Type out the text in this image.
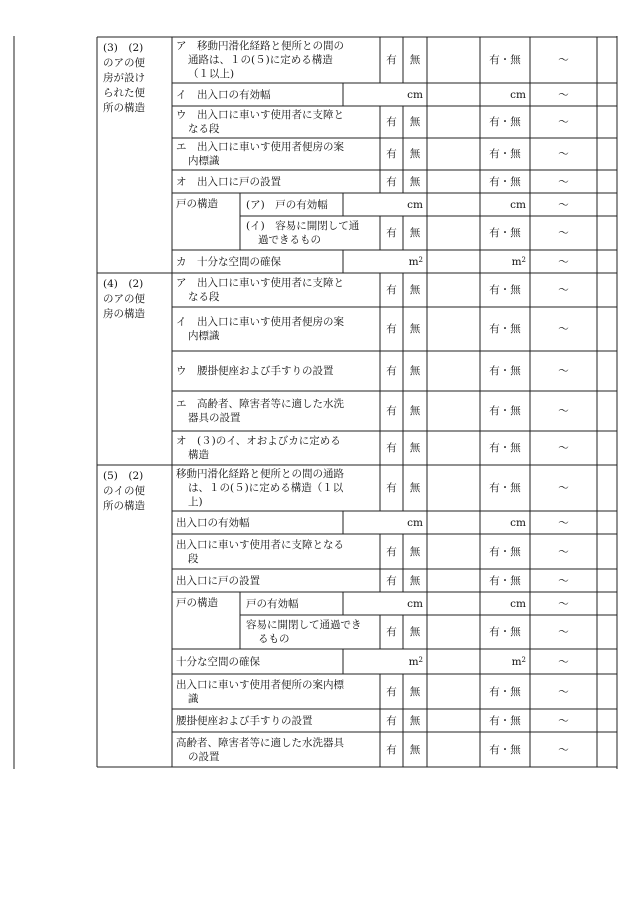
(3)　(2)
のアの便
房が設け
られた便
所の構造
ア　移動円滑化経路と便所との間の
通路は、１の(５)に定める構造
（１以上)
有	無	有・無	～
イ　出入口の有効幅	cm	cm	～
ウ　出入口に車いす使用者に支障と
なる段
有	無	有・無	～
エ　出入口に車いす使用者便房の案
内標識
有	無	有・無	～
オ　出入口に戸の設置	有	無	有・無	～
戸の構造	(ア)　戸の有効幅	cm	cm	～
(イ)　容易に開閉して通
過できるもの
有	無	有・無	～
カ　十分な空間の確保	$m^2$	$m^2$	～
(4)　(2)
のアの便
房の構造
ア　出入口に車いす使用者に支障と
なる段
有	無	有・無	～
イ　出入口に車いす使用者便房の案
内標識
有	無	有・無	～
ウ　腰掛便座および手すりの設置	有	無	有・無	～
エ　高齢者、障害者等に適した水洗
器具の設置
有	無	有・無	～
オ　(３)のイ、オおよびカに定める
構造
有	無	有・無	～
(5)　(2)
のイの便
所の構造
移動円滑化経路と便所との間の通路
は、１の(５)に定める構造（１以
上)
有	無	有・無	～
出入口の有効幅	cm	cm	～
出入口に車いす使用者に支障となる
段
有	無	有・無	～
出入口に戸の設置	有	無	有・無	～
戸の構造	戸の有効幅	cm	cm	～
容易に開閉して通過でき
るもの
有	無	有・無	～
十分な空間の確保	$m^2$	$m^2$	～
出入口に車いす使用者便所の案内標
識
有	無	有・無	～
腰掛便座および手すりの設置	有	無	有・無	～
高齢者、障害者等に適した水洗器具
の設置
有	無	有・無	～
